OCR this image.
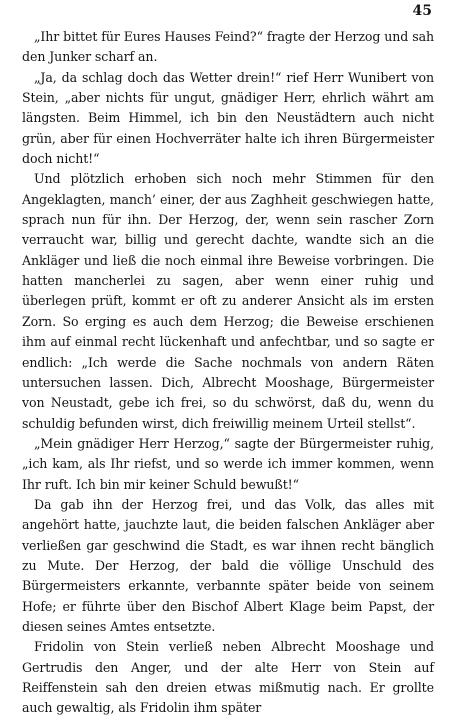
45

„Ihr bittet für Eures Hauses Feind?“ fragte der Herzog und sah den Junker scharf an.

„Ja, da schlag doch das Wetter drein!“ rief Herr Wunibert von Stein, „aber nichts für ungut, gnädiger Herr, ehrlich währt am längsten. Beim Himmel, ich bin den Neustädtern auch nicht grün, aber für einen Hochverräter halte ich ihren Bürgermeister doch nicht!“

Und plötzlich erhoben sich noch mehr Stimmen für den Angeklagten, manch’ einer, der aus Zaghheit geschwiegen hatte, sprach nun für ihn. Der Herzog, der, wenn sein rascher Zorn verraucht war, billig und gerecht dachte, wandte sich an die Ankläger und ließ die noch einmal ihre Beweise vorbringen. Die hatten mancherlei zu sagen, aber wenn einer ruhig und überlegen prüft, kommt er oft zu anderer Ansicht als im ersten Zorn. So erging es auch dem Herzog; die Beweise erschienen ihm auf einmal recht lückenhaft und anfechtbar, und so sagte er endlich: „Ich werde die Sache nochmals von andern Räten untersuchen lassen. Dich, Albrecht Mooshage, Bürgermeister von Neustadt, gebe ich frei, so du schwörst, daß du, wenn du schuldig befunden wirst, dich freiwillig meinem Urteil stellst“.

„Mein gnädiger Herr Herzog,“ sagte der Bürgermeister ruhig, „ich kam, als Ihr riefst, und so werde ich immer kommen, wenn Ihr ruft. Ich bin mir keiner Schuld bewußt!“

Da gab ihn der Herzog frei, und das Volk, das alles mit angehört hatte, jauchzte laut, die beiden falschen Ankläger aber verließen gar geschwind die Stadt, es war ihnen recht bänglich zu Mute. Der Herzog, der bald die völlige Unschuld des Bürgermeisters erkannte, verbannte später beide von seinem Hofe; er führte über den Bischof Albert Klage beim Papst, der diesen seines Amtes entsetzte.

Fridolin von Stein verließ neben Albrecht Mooshage und Gertrudis den Anger, und der alte Herr von Stein auf Reiffenstein sah den dreien etwas mißmutig nach. Er grollte auch gewaltig, als Fridolin ihm später
